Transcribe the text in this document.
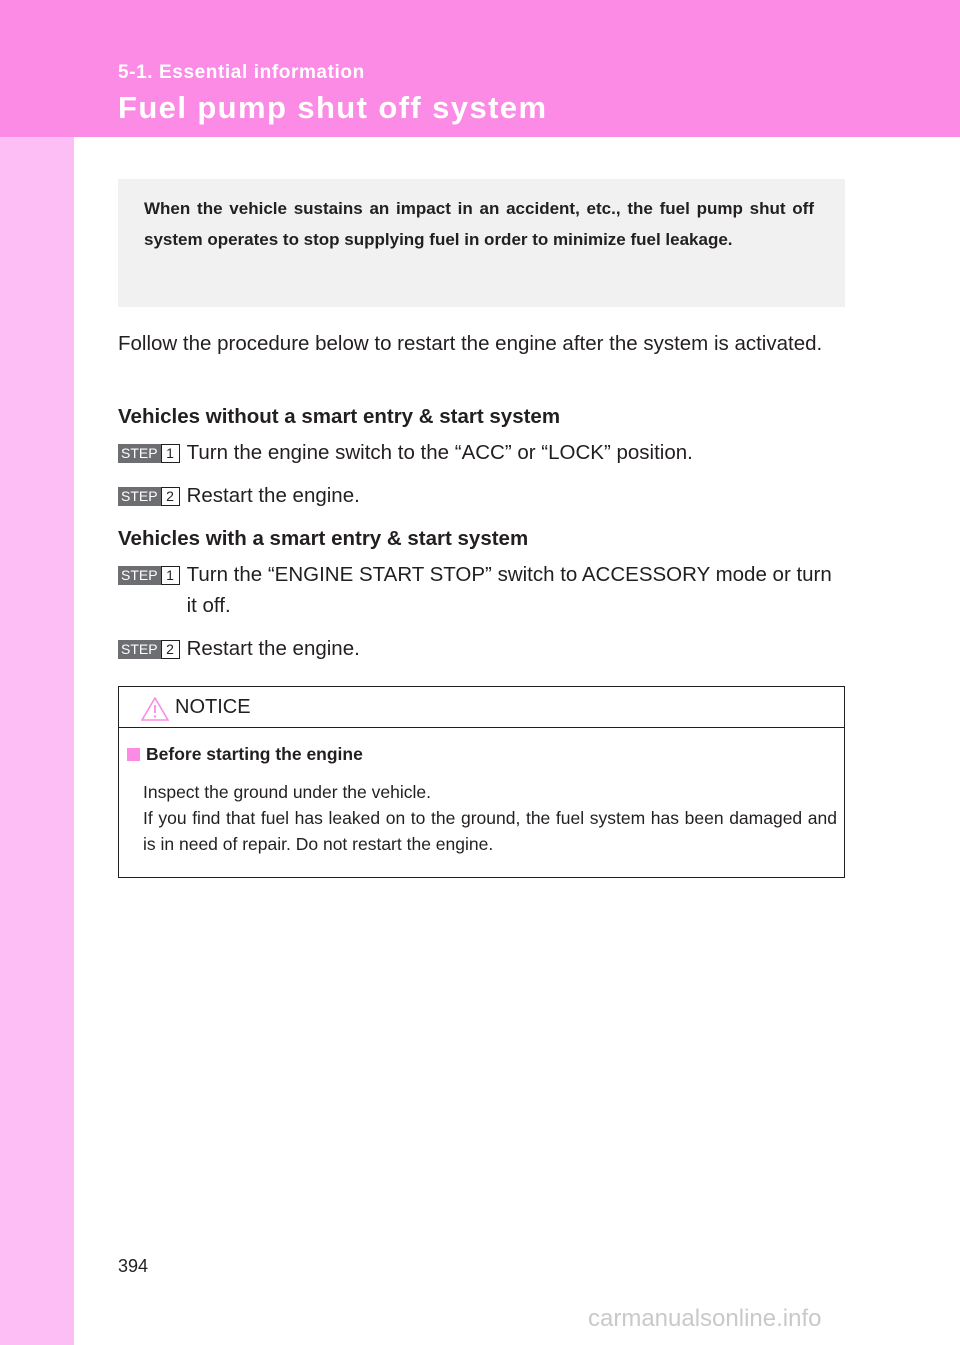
5-1. Essential information
Fuel pump shut off system

When the vehicle sustains an impact in an accident, etc., the fuel pump shut off system operates to stop supplying fuel in order to minimize fuel leakage.

Follow the procedure below to restart the engine after the system is activated.

Vehicles without a smart entry & start system

STEP 1 Turn the engine switch to the “ACC” or “LOCK” position.
STEP 2 Restart the engine.

Vehicles with a smart entry & start system

STEP 1 Turn the “ENGINE START STOP” switch to ACCESSORY mode or turn it off.
STEP 2 Restart the engine.
NOTICE
Before starting the engine
Inspect the ground under the vehicle.
If you find that fuel has leaked on to the ground, the fuel system has been damaged and is in need of repair. Do not restart the engine.
394
carmanualsonline.info
